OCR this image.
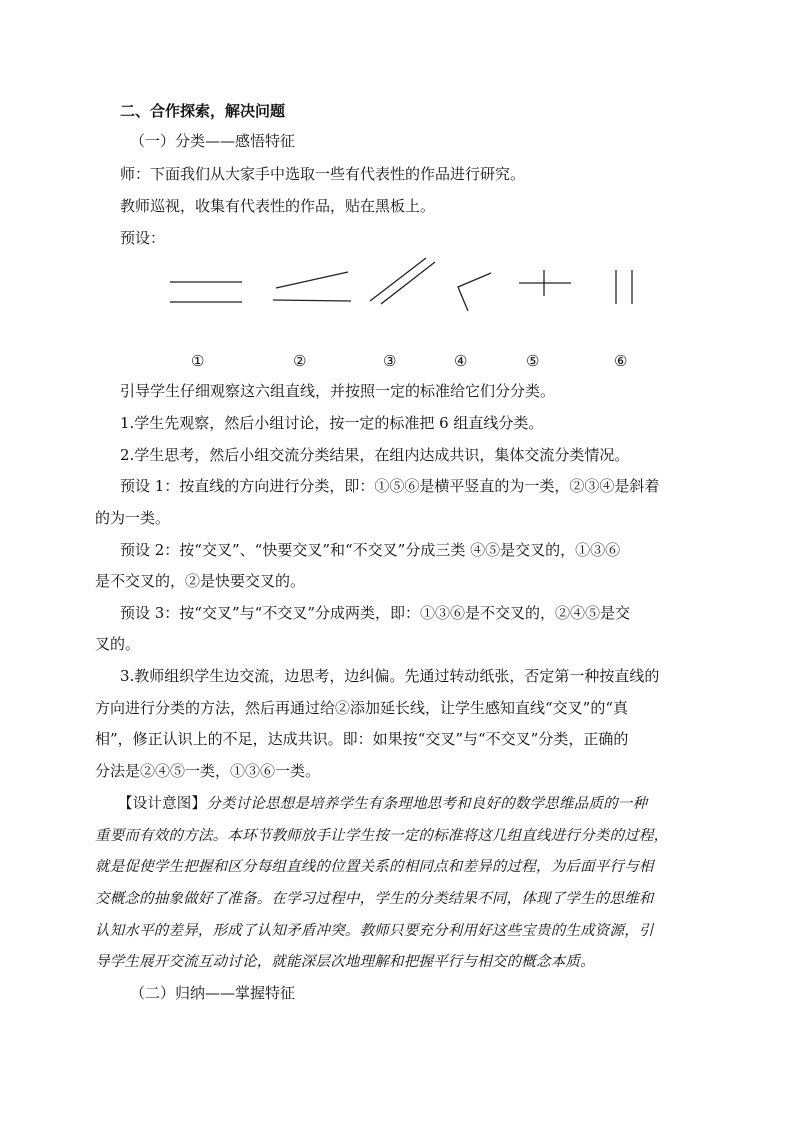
二、合作探索，解决问题
（一）分类——感悟特征
师：下面我们从大家手中选取一些有代表性的作品进行研究。
教师巡视，收集有代表性的作品，贴在黑板上。
预设：
①	②	③	④	⑤	⑥
引导学生仔细观察这六组直线，并按照一定的标准给它们分分类。
1.学生先观察，然后小组讨论，按一定的标准把 6 组直线分类。
2.学生思考，然后小组交流分类结果，在组内达成共识，集体交流分类情况。
预设 1：按直线的方向进行分类，即：①⑤⑥是横平竖直的为一类，②③④是斜着
的为一类。
预设 2：按“交叉”、“快要交叉”和“不交叉”分成三类 ④⑤是交叉的，①③⑥
是不交叉的，②是快要交叉的。
预设 3：按“交叉”与“不交叉”分成两类，即：①③⑥是不交叉的，②④⑤是交
叉的。
3.教师组织学生边交流，边思考，边纠偏。先通过转动纸张，否定第一种按直线的
方向进行分类的方法，然后再通过给②添加延长线，让学生感知直线“交叉”的“真
相”，修正认识上的不足，达成共识。即：如果按“交叉”与“不交叉”分类，正确的
分法是②④⑤一类，①③⑥一类。
【设计意图】分类讨论思想是培养学生有条理地思考和良好的数学思维品质的一种
重要而有效的方法。本环节教师放手让学生按一定的标准将这几组直线进行分类的过程，
就是促使学生把握和区分每组直线的位置关系的相同点和差异的过程，为后面平行与相
交概念的抽象做好了准备。在学习过程中，学生的分类结果不同，体现了学生的思维和
认知水平的差异，形成了认知矛盾冲突。教师只要充分利用好这些宝贵的生成资源，引
导学生展开交流互动讨论，就能深层次地理解和把握平行与相交的概念本质。
（二）归纳——掌握特征
